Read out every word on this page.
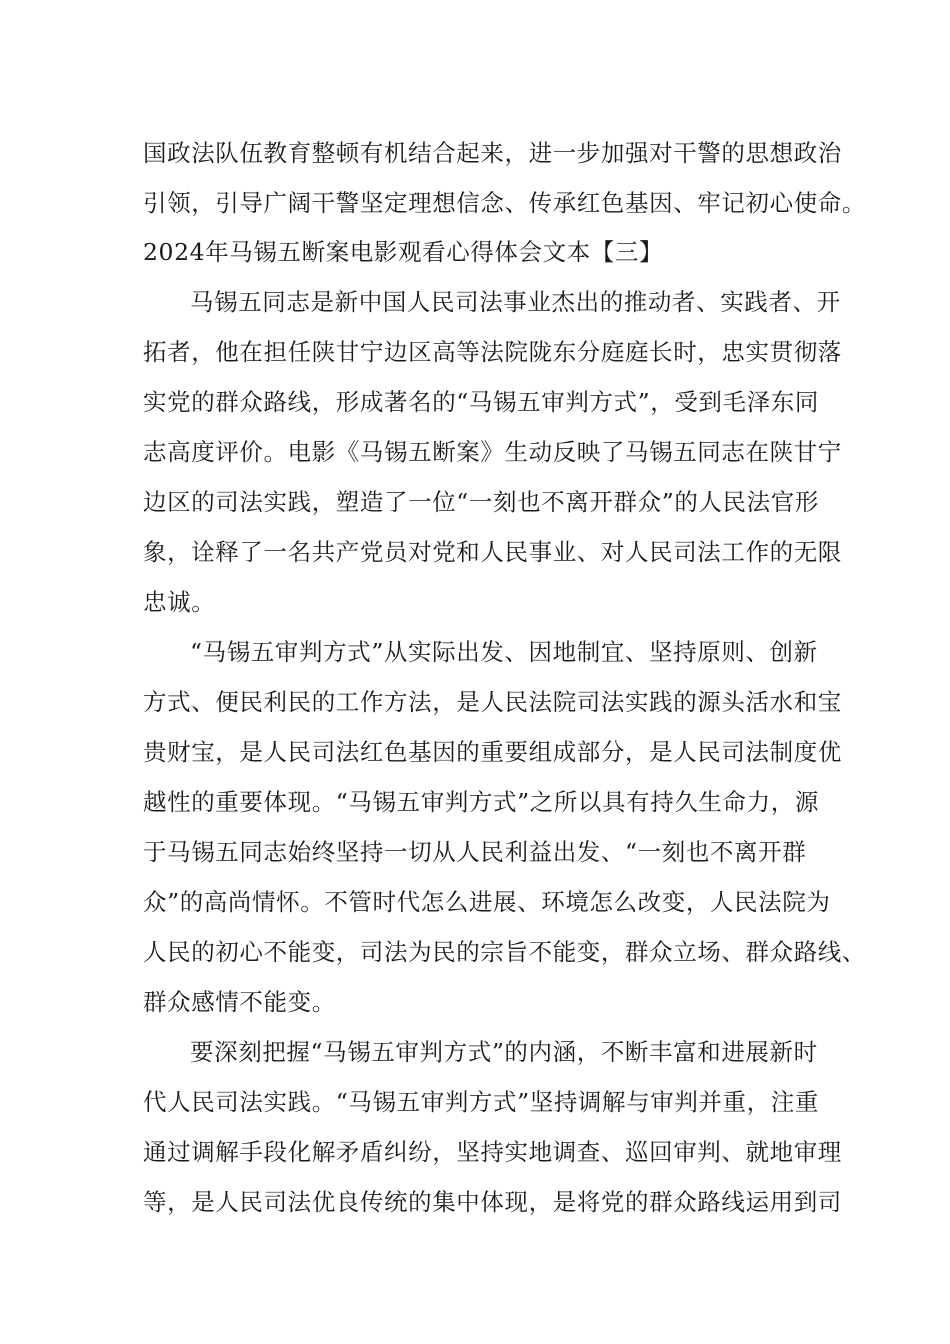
国政法队伍教育整顿有机结合起来，进一步加强对干警的思想政治
引领，引导广阔干警坚定理想信念、传承红色基因、牢记初心使命。
2024年马锡五断案电影观看心得体会文本【三】
马锡五同志是新中国人民司法事业杰出的推动者、实践者、开
拓者，他在担任陕甘宁边区高等法院陇东分庭庭长时，忠实贯彻落
实党的群众路线，形成著名的“马锡五审判方式”，受到毛泽东同
志高度评价。电影《马锡五断案》生动反映了马锡五同志在陕甘宁
边区的司法实践，塑造了一位“一刻也不离开群众”的人民法官形
象，诠释了一名共产党员对党和人民事业、对人民司法工作的无限
忠诚。
“马锡五审判方式”从实际出发、因地制宜、坚持原则、创新
方式、便民利民的工作方法，是人民法院司法实践的源头活水和宝
贵财宝，是人民司法红色基因的重要组成部分，是人民司法制度优
越性的重要体现。“马锡五审判方式”之所以具有持久生命力，源
于马锡五同志始终坚持一切从人民利益出发、“一刻也不离开群
众”的高尚情怀。不管时代怎么进展、环境怎么改变，人民法院为
人民的初心不能变，司法为民的宗旨不能变，群众立场、群众路线、
群众感情不能变。
要深刻把握“马锡五审判方式”的内涵，不断丰富和进展新时
代人民司法实践。“马锡五审判方式”坚持调解与审判并重，注重
通过调解手段化解矛盾纠纷，坚持实地调查、巡回审判、就地审理
等，是人民司法优良传统的集中体现，是将党的群众路线运用到司
